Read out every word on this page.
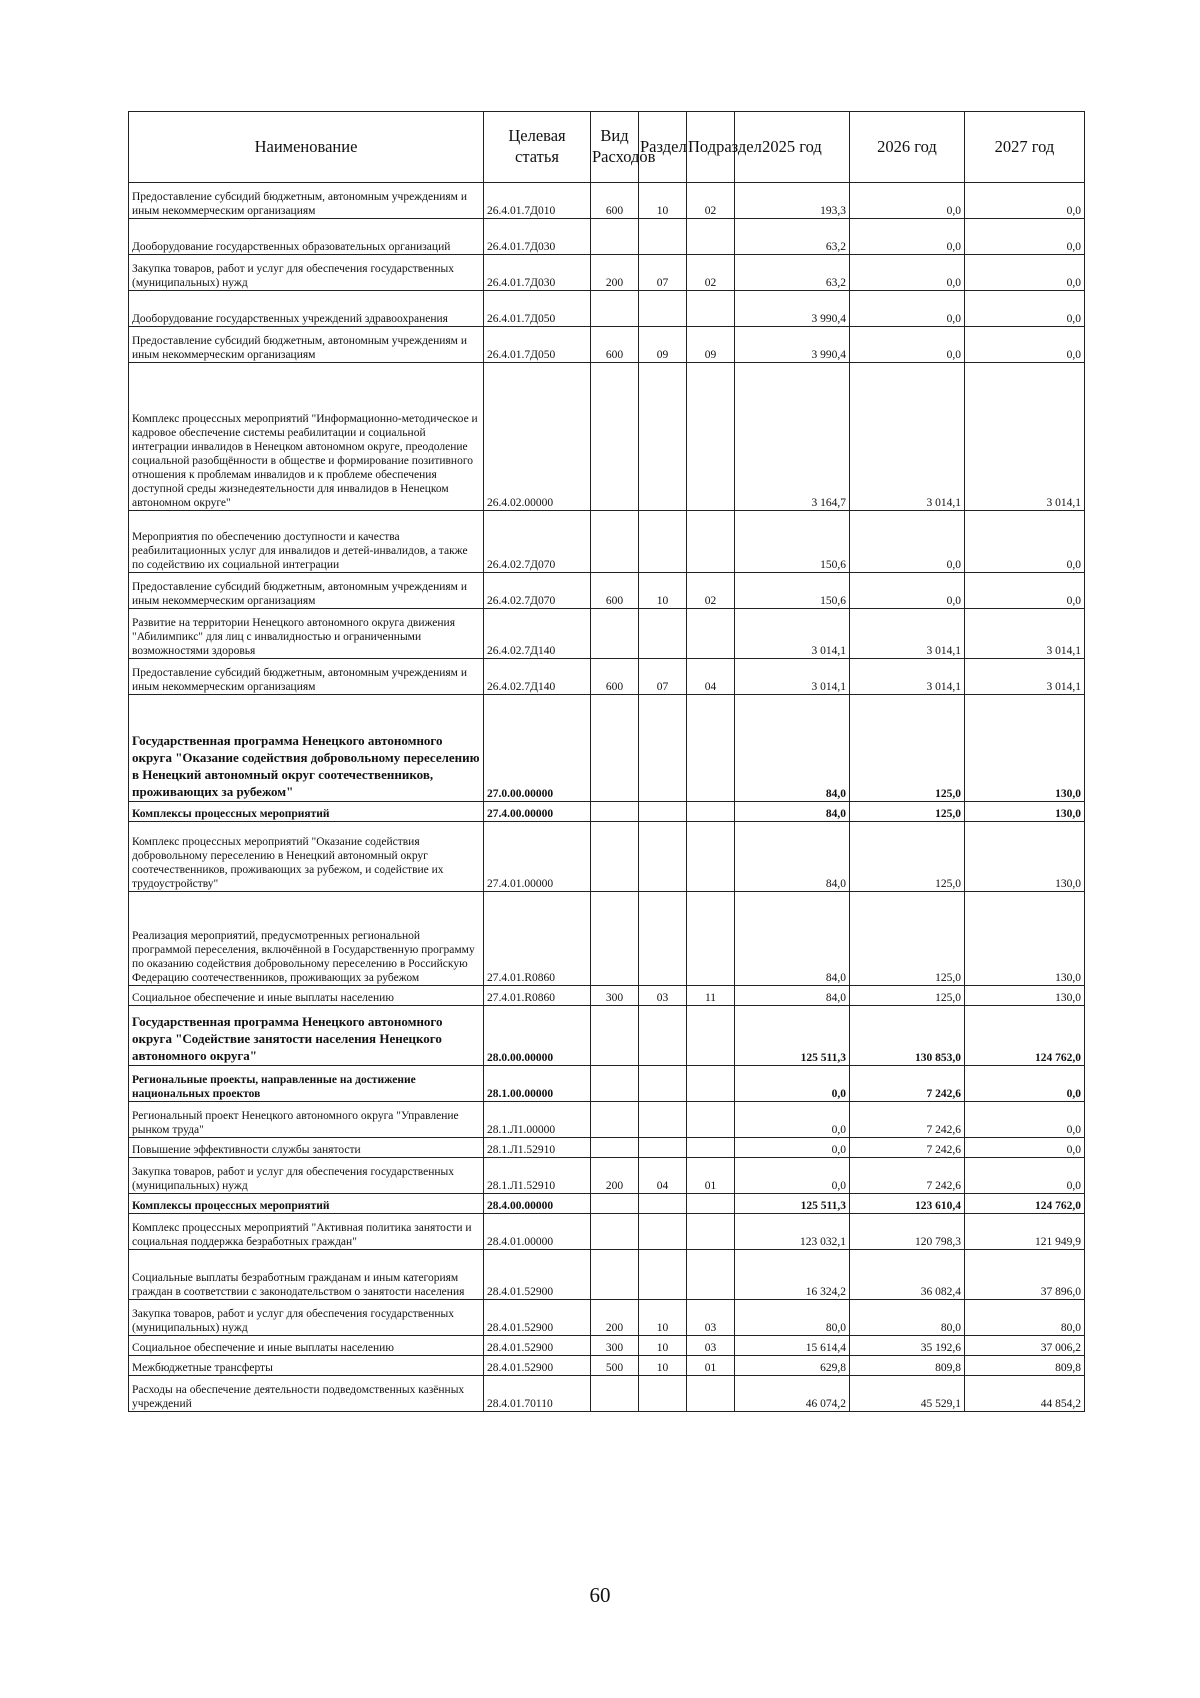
Наименование	Целевая статья	Вид Расходов	Раздел	Подраздел	2025 год	2026 год	2027 год
Предоставление субсидий бюджетным, автономным учреждениям и иным некоммерческим организациям	26.4.01.7Д010	600	10	02	193,3	0,0	0,0
Дооборудование государственных образовательных организаций	26.4.01.7Д030				63,2	0,0	0,0
Закупка товаров, работ и услуг для обеспечения государственных (муниципальных) нужд	26.4.01.7Д030	200	07	02	63,2	0,0	0,0
Дооборудование государственных учреждений здравоохранения	26.4.01.7Д050				3 990,4	0,0	0,0
Предоставление субсидий бюджетным, автономным учреждениям и иным некоммерческим организациям	26.4.01.7Д050	600	09	09	3 990,4	0,0	0,0
Комплекс процессных мероприятий "Информационно-методическое и кадровое обеспечение системы реабилитации и социальной интеграции инвалидов в Ненецком автономном округе, преодоление социальной разобщённости в обществе и формирование позитивного отношения к проблемам инвалидов и к проблеме обеспечения доступной среды жизнедеятельности для инвалидов в Ненецком автономном округе"	26.4.02.00000				3 164,7	3 014,1	3 014,1
Мероприятия по обеспечению доступности и качества реабилитационных услуг для инвалидов и детей-инвалидов, а также по содействию их социальной интеграции	26.4.02.7Д070				150,6	0,0	0,0
Предоставление субсидий бюджетным, автономным учреждениям и иным некоммерческим организациям	26.4.02.7Д070	600	10	02	150,6	0,0	0,0
Развитие на территории Ненецкого автономного округа движения "Абилимпикс" для лиц с инвалидностью и ограниченными возможностями здоровья	26.4.02.7Д140				3 014,1	3 014,1	3 014,1
Предоставление субсидий бюджетным, автономным учреждениям и иным некоммерческим организациям	26.4.02.7Д140	600	07	04	3 014,1	3 014,1	3 014,1
Государственная программа Ненецкого автономного округа "Оказание содействия добровольному переселению в Ненецкий автономный округ соотечественников, проживающих за рубежом"	27.0.00.00000				84,0	125,0	130,0
Комплексы процессных мероприятий	27.4.00.00000				84,0	125,0	130,0
Комплекс процессных мероприятий "Оказание содействия добровольному переселению в Ненецкий автономный округ соотечественников, проживающих за рубежом, и содействие их трудоустройству"	27.4.01.00000				84,0	125,0	130,0
Реализация мероприятий, предусмотренных региональной программой переселения, включённой в Государственную программу по оказанию содействия добровольному переселению в Российскую Федерацию соотечественников, проживающих за рубежом	27.4.01.R0860				84,0	125,0	130,0
Социальное обеспечение и иные выплаты населению	27.4.01.R0860	300	03	11	84,0	125,0	130,0
Государственная программа Ненецкого автономного округа "Содействие занятости населения Ненецкого автономного округа"	28.0.00.00000				125 511,3	130 853,0	124 762,0
Региональные проекты, направленные на достижение национальных проектов	28.1.00.00000				0,0	7 242,6	0,0
Региональный проект Ненецкого автономного округа "Управление рынком труда"	28.1.Л1.00000				0,0	7 242,6	0,0
Повышение эффективности службы занятости	28.1.Л1.52910				0,0	7 242,6	0,0
Закупка товаров, работ и услуг для обеспечения государственных (муниципальных) нужд	28.1.Л1.52910	200	04	01	0,0	7 242,6	0,0
Комплексы процессных мероприятий	28.4.00.00000				125 511,3	123 610,4	124 762,0
Комплекс процессных мероприятий "Активная политика занятости и социальная поддержка безработных граждан"	28.4.01.00000				123 032,1	120 798,3	121 949,9
Социальные выплаты безработным гражданам и иным категориям граждан в соответствии с законодательством о занятости населения	28.4.01.52900				16 324,2	36 082,4	37 896,0
Закупка товаров, работ и услуг для обеспечения государственных (муниципальных) нужд	28.4.01.52900	200	10	03	80,0	80,0	80,0
Социальное обеспечение и иные выплаты населению	28.4.01.52900	300	10	03	15 614,4	35 192,6	37 006,2
Межбюджетные трансферты	28.4.01.52900	500	10	01	629,8	809,8	809,8
Расходы на обеспечение деятельности подведомственных казённых учреждений	28.4.01.70110				46 074,2	45 529,1	44 854,2
60
